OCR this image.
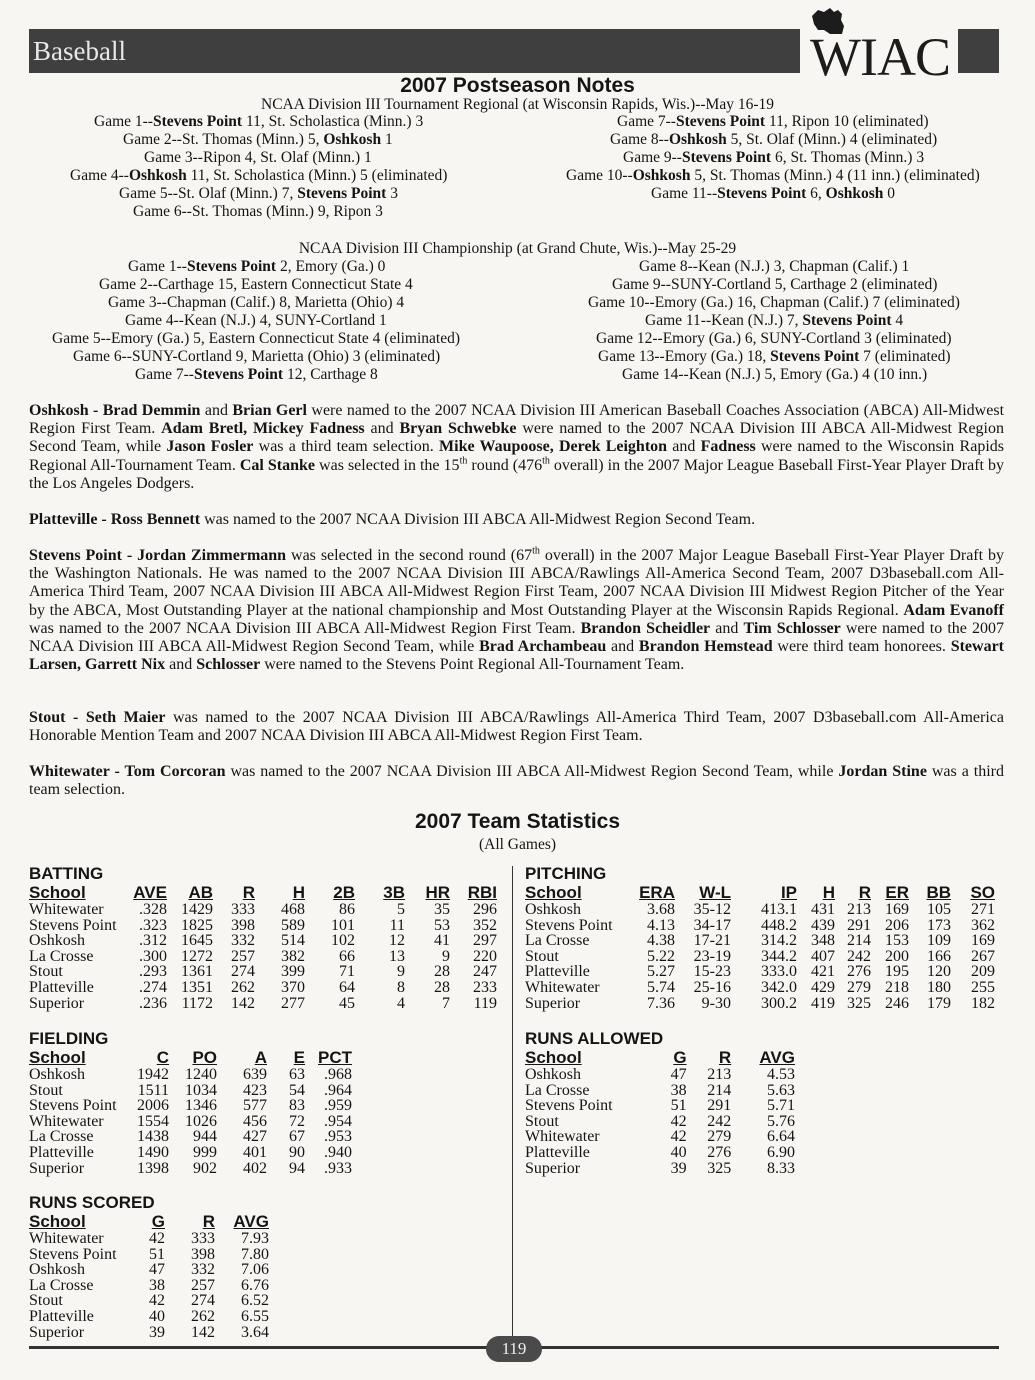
Baseball	WIAC
2007 Postseason Notes
NCAA Division III Tournament Regional (at Wisconsin Rapids, Wis.)--May 16-19
Game 1--Stevens Point 11, St. Scholastica (Minn.) 3
Game 2--St. Thomas (Minn.) 5, Oshkosh 1
Game 3--Ripon 4, St. Olaf (Minn.) 1
Game 4--Oshkosh 11, St. Scholastica (Minn.) 5 (eliminated)
Game 5--St. Olaf (Minn.) 7, Stevens Point 3
Game 6--St. Thomas (Minn.) 9, Ripon 3
Game 7--Stevens Point 11, Ripon 10 (eliminated)
Game 8--Oshkosh 5, St. Olaf (Minn.) 4 (eliminated)
Game 9--Stevens Point 6, St. Thomas (Minn.) 3
Game 10--Oshkosh 5, St. Thomas (Minn.) 4 (11 inn.) (eliminated)
Game 11--Stevens Point 6, Oshkosh 0
NCAA Division III Championship (at Grand Chute, Wis.)--May 25-29
Game 1--Stevens Point 2, Emory (Ga.) 0
Game 2--Carthage 15, Eastern Connecticut State 4
Game 3--Chapman (Calif.) 8, Marietta (Ohio) 4
Game 4--Kean (N.J.) 4, SUNY-Cortland 1
Game 5--Emory (Ga.) 5, Eastern Connecticut State 4 (eliminated)
Game 6--SUNY-Cortland 9, Marietta (Ohio) 3 (eliminated)
Game 7--Stevens Point 12, Carthage 8
Game 8--Kean (N.J.) 3, Chapman (Calif.) 1
Game 9--SUNY-Cortland 5, Carthage 2 (eliminated)
Game 10--Emory (Ga.) 16, Chapman (Calif.) 7 (eliminated)
Game 11--Kean (N.J.) 7, Stevens Point 4
Game 12--Emory (Ga.) 6, SUNY-Cortland 3 (eliminated)
Game 13--Emory (Ga.) 18, Stevens Point 7 (eliminated)
Game 14--Kean (N.J.) 5, Emory (Ga.) 4 (10 inn.)
Oshkosh - Brad Demmin and Brian Gerl were named to the 2007 NCAA Division III American Baseball Coaches Association (ABCA) All-Midwest Region First Team. Adam Bretl, Mickey Fadness and Bryan Schwebke were named to the 2007 NCAA Division III ABCA All-Midwest Region Second Team, while Jason Fosler was a third team selection. Mike Waupoose, Derek Leighton and Fadness were named to the Wisconsin Rapids Regional All-Tournament Team. Cal Stanke was selected in the 15th round (476th overall) in the 2007 Major League Baseball First-Year Player Draft by the Los Angeles Dodgers.
Platteville - Ross Bennett was named to the 2007 NCAA Division III ABCA All-Midwest Region Second Team.
Stevens Point - Jordan Zimmermann was selected in the second round (67th overall) in the 2007 Major League Baseball First-Year Player Draft by the Washington Nationals. He was named to the 2007 NCAA Division III ABCA/Rawlings All-America Second Team, 2007 D3baseball.com All-America Third Team, 2007 NCAA Division III ABCA All-Midwest Region First Team, 2007 NCAA Division III Midwest Region Pitcher of the Year by the ABCA, Most Outstanding Player at the national championship and Most Outstanding Player at the Wisconsin Rapids Regional. Adam Evanoff was named to the 2007 NCAA Division III ABCA All-Midwest Region First Team. Brandon Scheidler and Tim Schlosser were named to the 2007 NCAA Division III ABCA All-Midwest Region Second Team, while Brad Archambeau and Brandon Hemstead were third team honorees. Stewart Larsen, Garrett Nix and Schlosser were named to the Stevens Point Regional All-Tournament Team.
Stout - Seth Maier was named to the 2007 NCAA Division III ABCA/Rawlings All-America Third Team, 2007 D3baseball.com All-America Honorable Mention Team and 2007 NCAA Division III ABCA All-Midwest Region First Team.
Whitewater - Tom Corcoran was named to the 2007 NCAA Division III ABCA All-Midwest Region Second Team, while Jordan Stine was a third team selection.
2007 Team Statistics
(All Games)
BATTING
School	AVE	AB	R	H	2B	3B	HR	RBI
Whitewater	.328	1429	333	468	86	5	35	296
Stevens Point	.323	1825	398	589	101	11	53	352
Oshkosh	.312	1645	332	514	102	12	41	297
La Crosse	.300	1272	257	382	66	13	9	220
Stout	.293	1361	274	399	71	9	28	247
Platteville	.274	1351	262	370	64	8	28	233
Superior	.236	1172	142	277	45	4	7	119
PITCHING
School	ERA	W-L	IP	H	R	ER	BB	SO
Oshkosh	3.68	35-12	413.1	431	213	169	105	271
Stevens Point	4.13	34-17	448.2	439	291	206	173	362
La Crosse	4.38	17-21	314.2	348	214	153	109	169
Stout	5.22	23-19	344.2	407	242	200	166	267
Platteville	5.27	15-23	333.0	421	276	195	120	209
Whitewater	5.74	25-16	342.0	429	279	218	180	255
Superior	7.36	9-30	300.2	419	325	246	179	182
FIELDING
School	C	PO	A	E	PCT
Oshkosh	1942	1240	639	63	.968
Stout	1511	1034	423	54	.964
Stevens Point	2006	1346	577	83	.959
Whitewater	1554	1026	456	72	.954
La Crosse	1438	944	427	67	.953
Platteville	1490	999	401	90	.940
Superior	1398	902	402	94	.933
RUNS ALLOWED
School	G	R	AVG
Oshkosh	47	213	4.53
La Crosse	38	214	5.63
Stevens Point	51	291	5.71
Stout	42	242	5.76
Whitewater	42	279	6.64
Platteville	40	276	6.90
Superior	39	325	8.33
RUNS SCORED
School	G	R	AVG
Whitewater	42	333	7.93
Stevens Point	51	398	7.80
Oshkosh	47	332	7.06
La Crosse	38	257	6.76
Stout	42	274	6.52
Platteville	40	262	6.55
Superior	39	142	3.64
119
